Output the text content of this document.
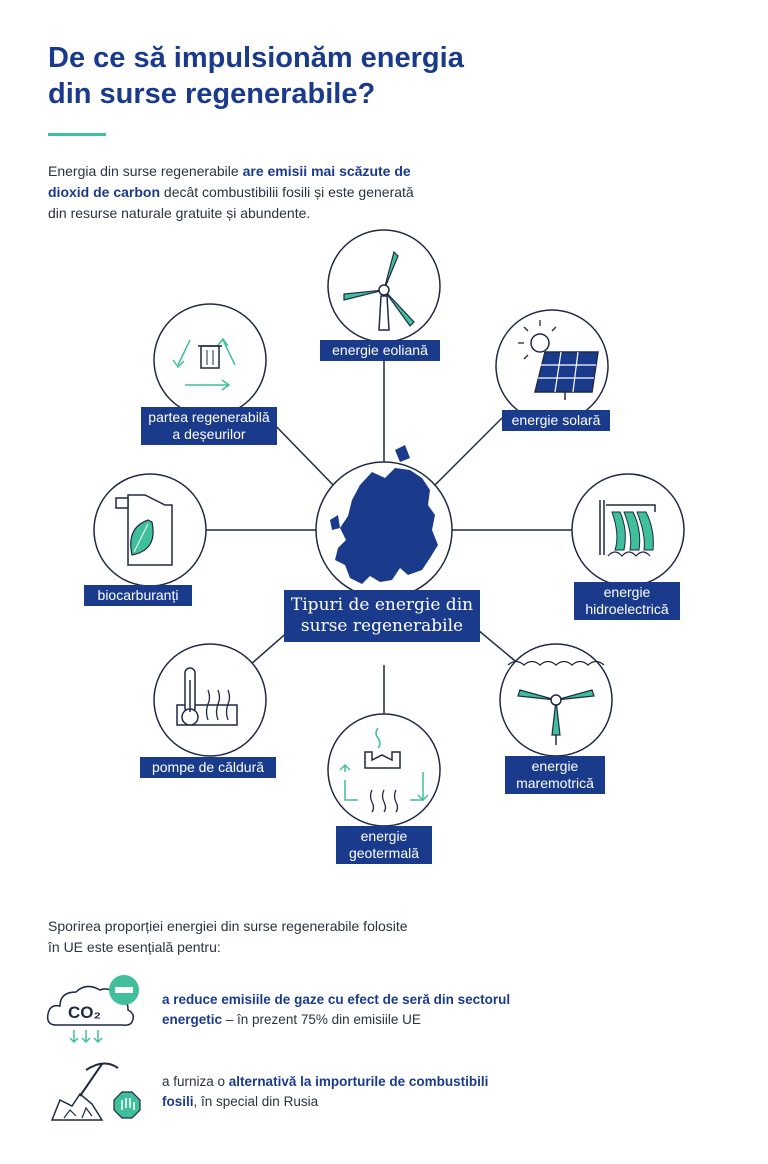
De ce să impulsionăm energia
din surse regenerabile?

Energia din surse regenerabile are emisii mai scăzute de dioxid de carbon decât combustibilii fosili și este generată din resurse naturale gratuite și abundente.

energie eoliană
energie solară
energie
hidroelectrică
energie
maremotrică
energie
geotermală
pompe de căldură
biocarburanți
partea regenerabilă
a deșeurilor
Tipuri de energie din
surse regenerabile

Sporirea proporției energiei din surse regenerabile folosite în UE este esențială pentru:

CO₂

a reduce emisiile de gaze cu efect de seră din sectorul energetic – în prezent 75% din emisiile UE

a furniza o alternativă la importurile de combustibili fosili, în special din Rusia
